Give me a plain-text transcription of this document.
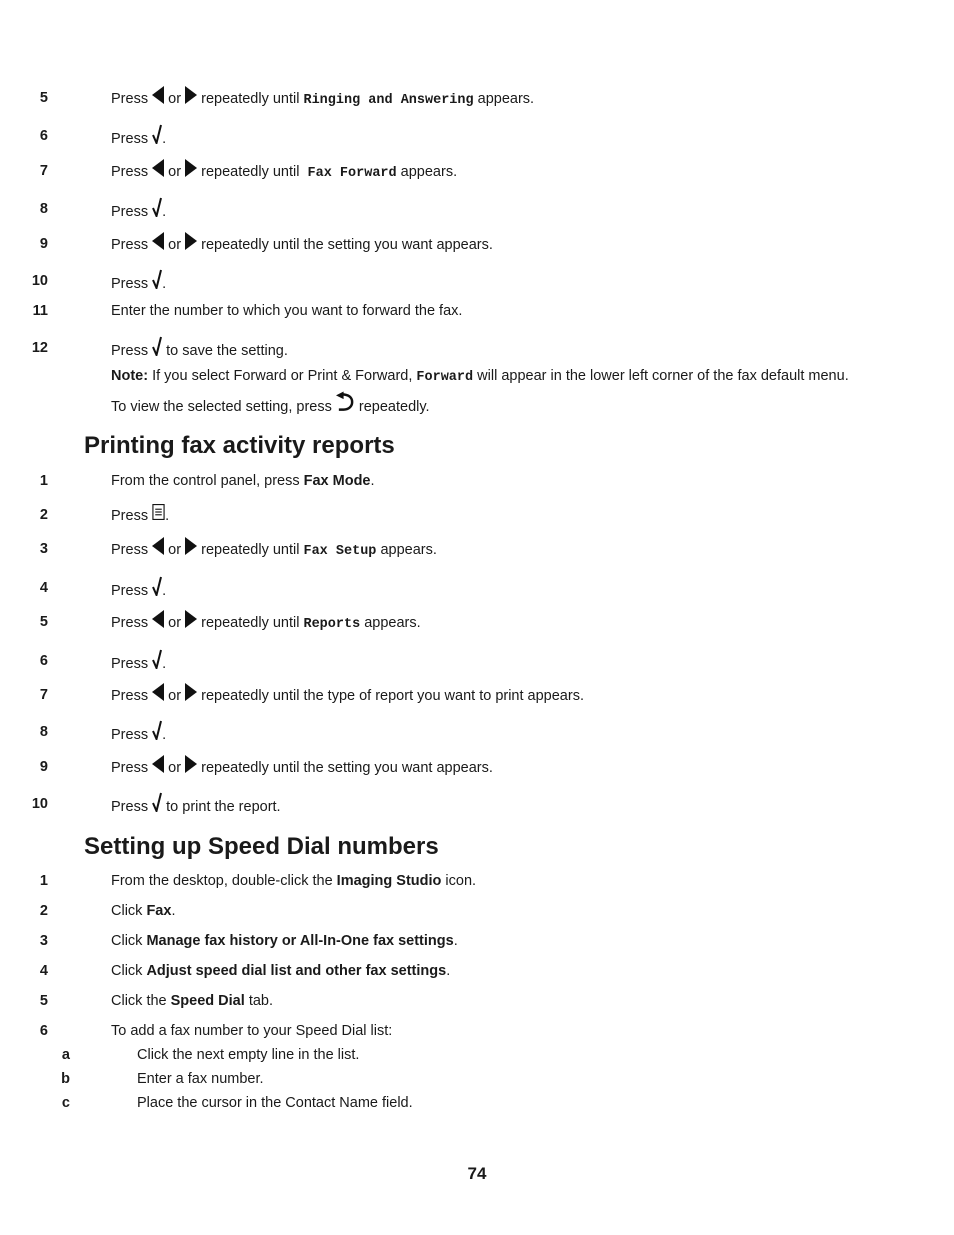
5	Press or repeatedly until Ringing and Answering appears.
6	Press .
7	Press or repeatedly until Fax Forward appears.
8	Press .
9	Press or repeatedly until the setting you want appears.
10	Press .
11	Enter the number to which you want to forward the fax.
12	Press to save the setting.
Note: If you select Forward or Print & Forward, Forward will appear in the lower left corner of the fax default menu.
To view the selected setting, press repeatedly.
Printing fax activity reports
1	From the control panel, press Fax Mode.
2	Press .
3	Press or repeatedly until Fax Setup appears.
4	Press .
5	Press or repeatedly until Reports appears.
6	Press .
7	Press or repeatedly until the type of report you want to print appears.
8	Press .
9	Press or repeatedly until the setting you want appears.
10	Press to print the report.
Setting up Speed Dial numbers
1	From the desktop, double-click the Imaging Studio icon.
2	Click Fax.
3	Click Manage fax history or All-In-One fax settings.
4	Click Adjust speed dial list and other fax settings.
5	Click the Speed Dial tab.
6	To add a fax number to your Speed Dial list:
a	Click the next empty line in the list.
b	Enter a fax number.
c	Place the cursor in the Contact Name field.
74
